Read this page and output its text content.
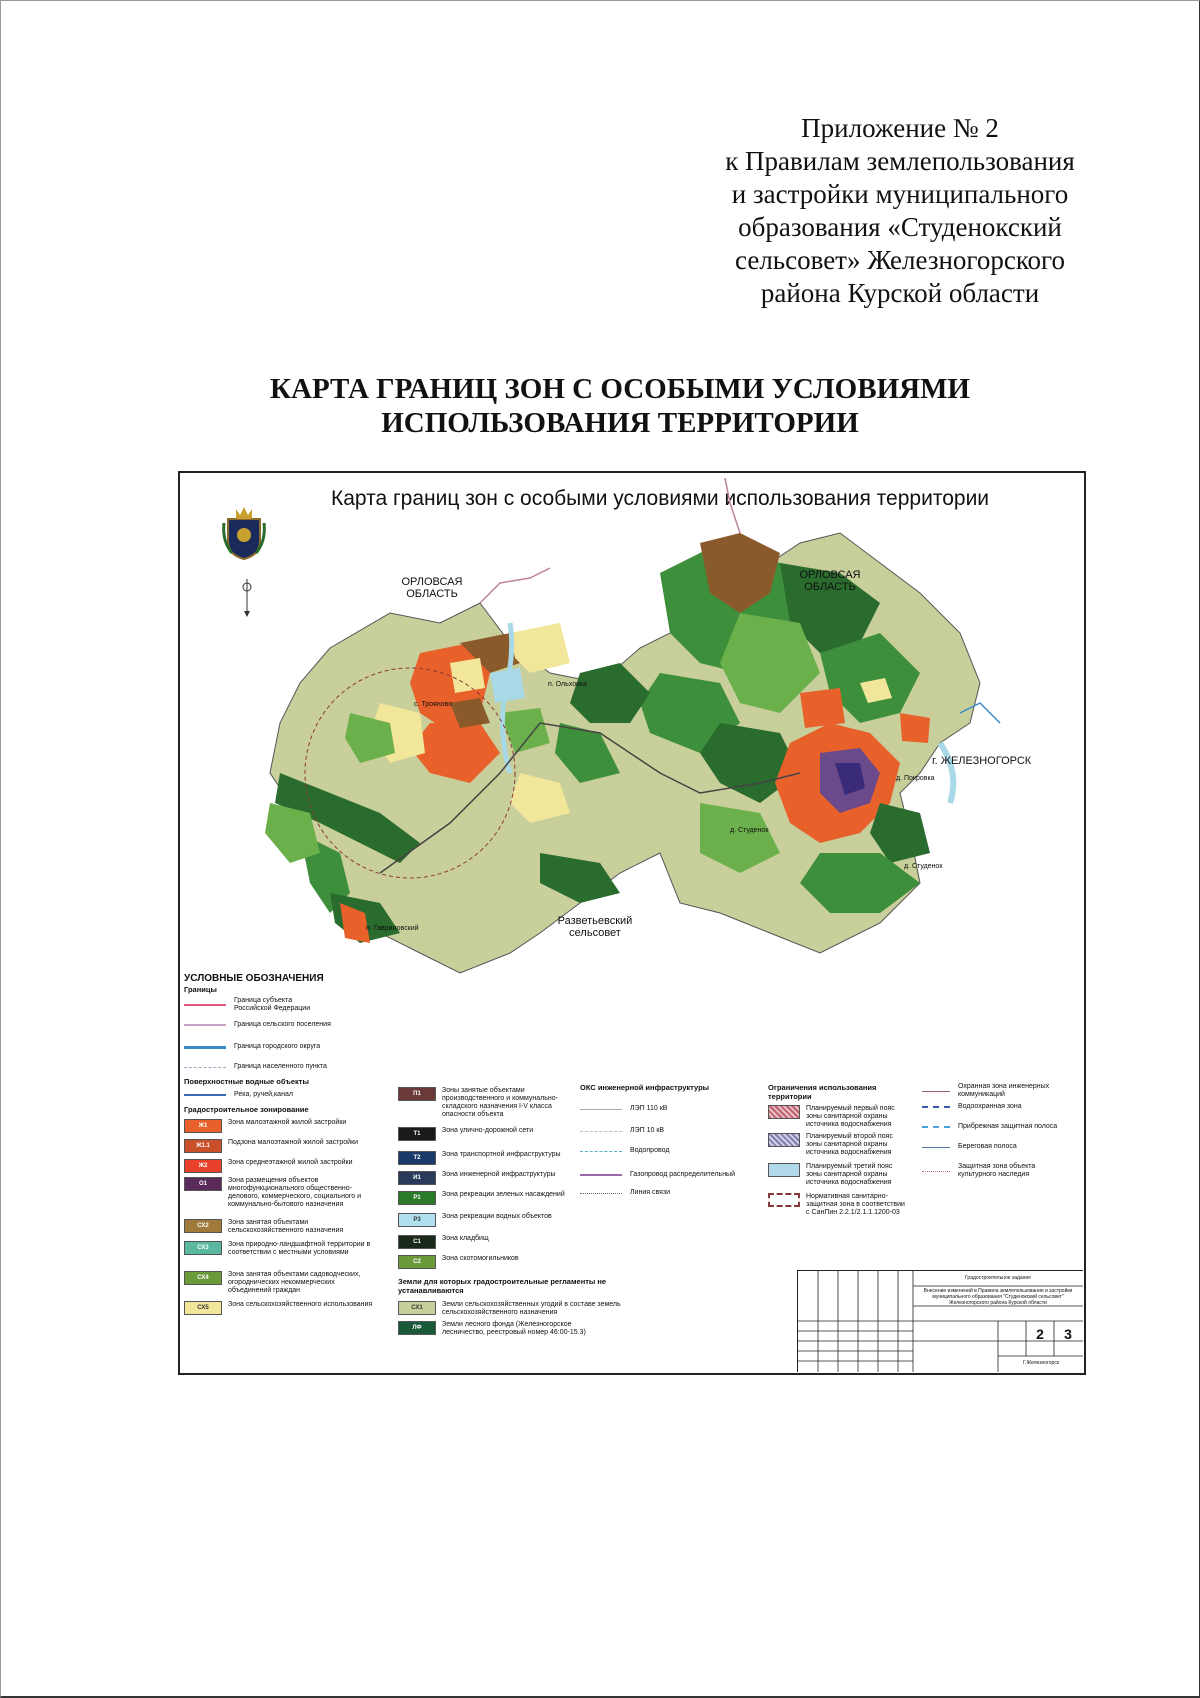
Приложение № 2
к Правилам землепользования
и застройки муниципального
образования «Студенокский
сельсовет» Железногорского
района Курской области
КАРТА ГРАНИЦ ЗОН С ОСОБЫМИ УСЛОВИЯМИ
ИСПОЛЬЗОВАНИЯ ТЕРРИТОРИИ
Карта границ зон с особыми условиями использования территории
ОРЛОВСАЯ ОБЛАСТЬ
ОРЛОВСАЯ ОБЛАСТЬ
г. ЖЕЛЕЗНОГОРСК
Разветьевский сельсовет
п. Ольховка
с. Трояново
д. Покровка
д. Студенок
д. Студенок
п. Гавриловский
УСЛОВНЫЕ ОБОЗНАЧЕНИЯ
Границы
Граница субъекта Российской Федерации
Граница сельского поселения
Граница городского округа
Граница населенного пункта
Поверхностные водные объекты
Река, ручей,канал
Градостроительное зонирование
Ж1	Зона малоэтажной жилой застройки
Ж1.1	Подзона малоэтажной жилой застройки
Ж2	Зона среднеэтажной жилой застройки
О1	Зона размещения объектов многофункционального общественно-делового, коммерческого, социального и коммунально-бытового назначения
СХ2	Зона занятая объектами сельскохозяйственного назначения
СХ3	Зона природно-ландшафтной территории в соответствии с местными условиями
СХ4	Зона занятая объектами садоводческих, огороднических некоммерческих объединений граждан
СХ5	Зона сельскохозяйственного использования
П1	Зоны занятые объектами производственного и коммунально-складского назначения I-V класса опасности объекта
Т1	Зона улично-дорожной сети
Т2	Зона транспортной инфраструктуры
И1	Зона инженерной инфраструктуры
Р1	Зона рекреации зеленых насаждений
Р3	Зона рекреации водных объектов
С1	Зона кладбищ
С2	Зона скотомогильников
Земли для которых градостроительные регламенты не устанавливаются
СХ1	Земли сельскохозяйственных угодий в составе земель сельскохозяйственного назначения
ЛФ	Земли лесного фонда (Железногорское лесничество, реестровый номер 46:00-15.3)
ОКС инженерной инфраструктуры
ЛЭП 110 кВ
ЛЭП 10 кВ
Водопровод
Газопровод распределительный
Линия связи
Ограничения использования территории
Планируемый первый пояс зоны санитарной охраны источника водоснабжения
Планируемый второй пояс зоны санитарной охраны источника водоснабжения
Планируемый третий пояс зоны санитарной охраны источника водоснабжения
Нормативная санитарно-защитная зона в соответствии с СанПин 2.2.1/2.1.1.1200-03
Охранная зона инженерных коммуникаций
Водоохранная зона
Прибрежная защитная полоса
Береговая полоса
Защитная зона объекта культурного наследия
Градостроительное задание
Внесение изменений в Правила землепользования и застройки муниципального образования "Студенокский сельсовет" Железногорского района Курской области
2	3
Г.Железногорск
